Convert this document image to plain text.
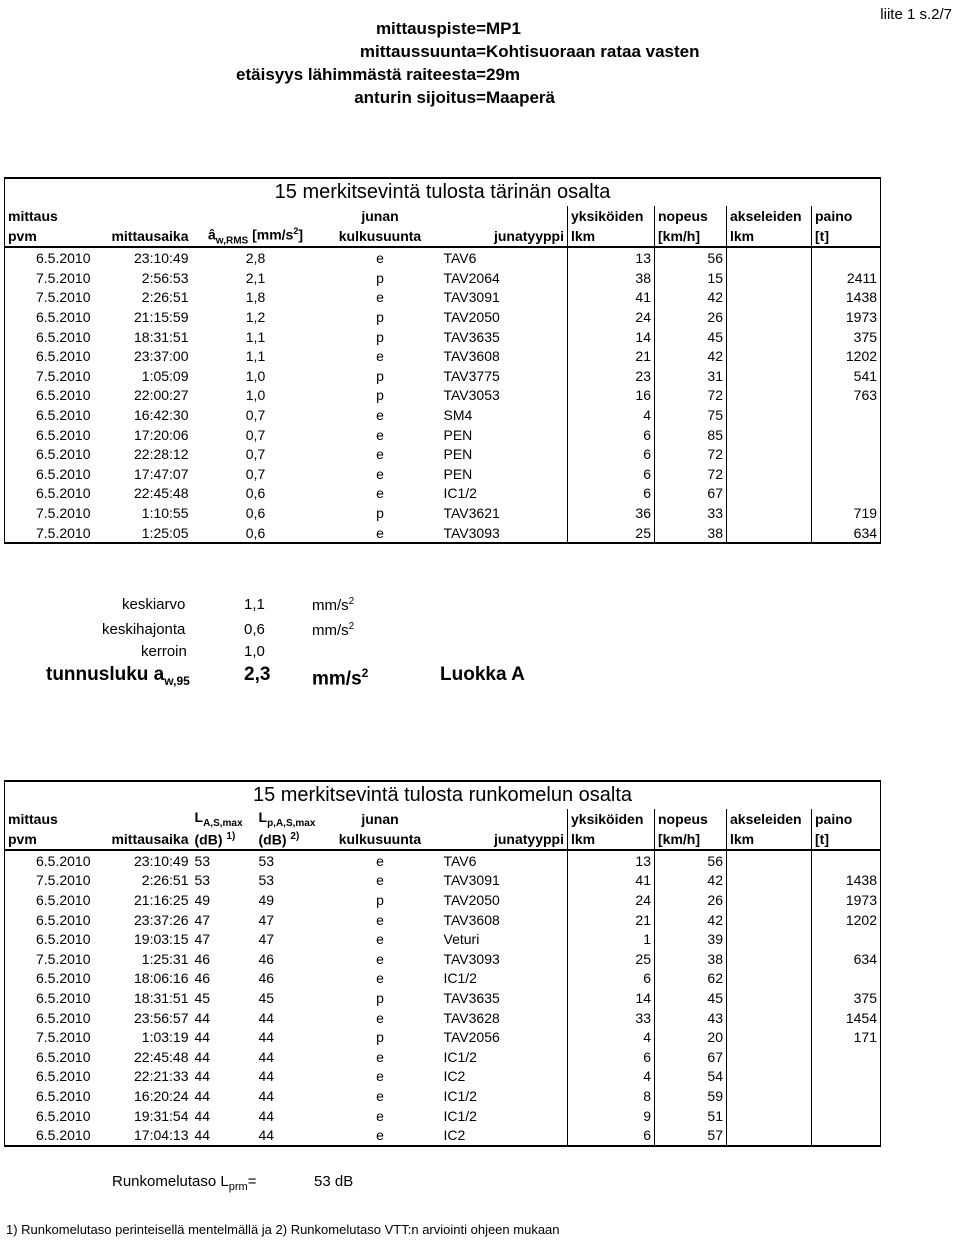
liite 1 s.2/7
mittauspiste= MP1
mittaussuunta= Kohtisuoraan rataa vasten
etäisyys lähimmästä raiteesta= 29m
anturin sijoitus= Maaperä
15 merkitsevintä tulosta tärinän osalta								
mittaus			junan		yksiköiden	nopeus	akseleiden	paino
pvm	mittausaika	$â_{w,RMS}$ $[mm/s^2]$	kulkusuunta	junatyyppi	lkm	[km/h]	lkm	[t]
6.5.2010	23:10:49	2,8	e	TAV6	13	56		
7.5.2010	2:56:53	2,1	p	TAV2064	38	15		2411
7.5.2010	2:26:51	1,8	e	TAV3091	41	42		1438
6.5.2010	21:15:59	1,2	p	TAV2050	24	26		1973
6.5.2010	18:31:51	1,1	p	TAV3635	14	45		375
6.5.2010	23:37:00	1,1	e	TAV3608	21	42		1202
7.5.2010	1:05:09	1,0	p	TAV3775	23	31		541
6.5.2010	22:00:27	1,0	p	TAV3053	16	72		763
6.5.2010	16:42:30	0,7	e	SM4	4	75		
6.5.2010	17:20:06	0,7	e	PEN	6	85		
6.5.2010	22:28:12	0,7	e	PEN	6	72		
6.5.2010	17:47:07	0,7	e	PEN	6	72		
6.5.2010	22:45:48	0,6	e	IC1/2	6	67		
7.5.2010	1:10:55	0,6	p	TAV3621	36	33		719
7.5.2010	1:25:05	0,6	e	TAV3093	25	38		634
keskiarvo	1,1	$mm/s^2$
keskihajonta	0,6	$mm/s^2$
kerroin	1,0
tunnusluku $a_{w,95}$	2,3 $mm/s^2$	Luokka A
15 merkitsevintä tulosta runkomelun osalta									
mittaus		$L_{A,S,max}$	$L_{p,A,S,max}$	junan		yksiköiden	nopeus	akseleiden	paino
pvm	mittausaika	(dB) $^{1)}$	(dB) $^{2)}$	kulkusuunta	junatyyppi	lkm	[km/h]	lkm	[t]
6.5.2010	23:10:49	53	53	e	TAV6	13	56		
7.5.2010	2:26:51	53	53	e	TAV3091	41	42		1438
6.5.2010	21:16:25	49	49	p	TAV2050	24	26		1973
6.5.2010	23:37:26	47	47	e	TAV3608	21	42		1202
6.5.2010	19:03:15	47	47	e	Veturi	1	39		
7.5.2010	1:25:31	46	46	e	TAV3093	25	38		634
6.5.2010	18:06:16	46	46	e	IC1/2	6	62		
6.5.2010	18:31:51	45	45	p	TAV3635	14	45		375
6.5.2010	23:56:57	44	44	e	TAV3628	33	43		1454
7.5.2010	1:03:19	44	44	p	TAV2056	4	20		171
6.5.2010	22:45:48	44	44	e	IC1/2	6	67		
6.5.2010	22:21:33	44	44	e	IC2	4	54		
6.5.2010	16:20:24	44	44	e	IC1/2	8	59		
6.5.2010	19:31:54	44	44	e	IC1/2	9	51		
6.5.2010	17:04:13	44	44	e	IC2	6	57		
Runkomelutaso $L_{prm}=$	53 dB
1) Runkomelutaso perinteisellä mentelmällä ja 2) Runkomelutaso VTT:n arviointi ohjeen mukaan
